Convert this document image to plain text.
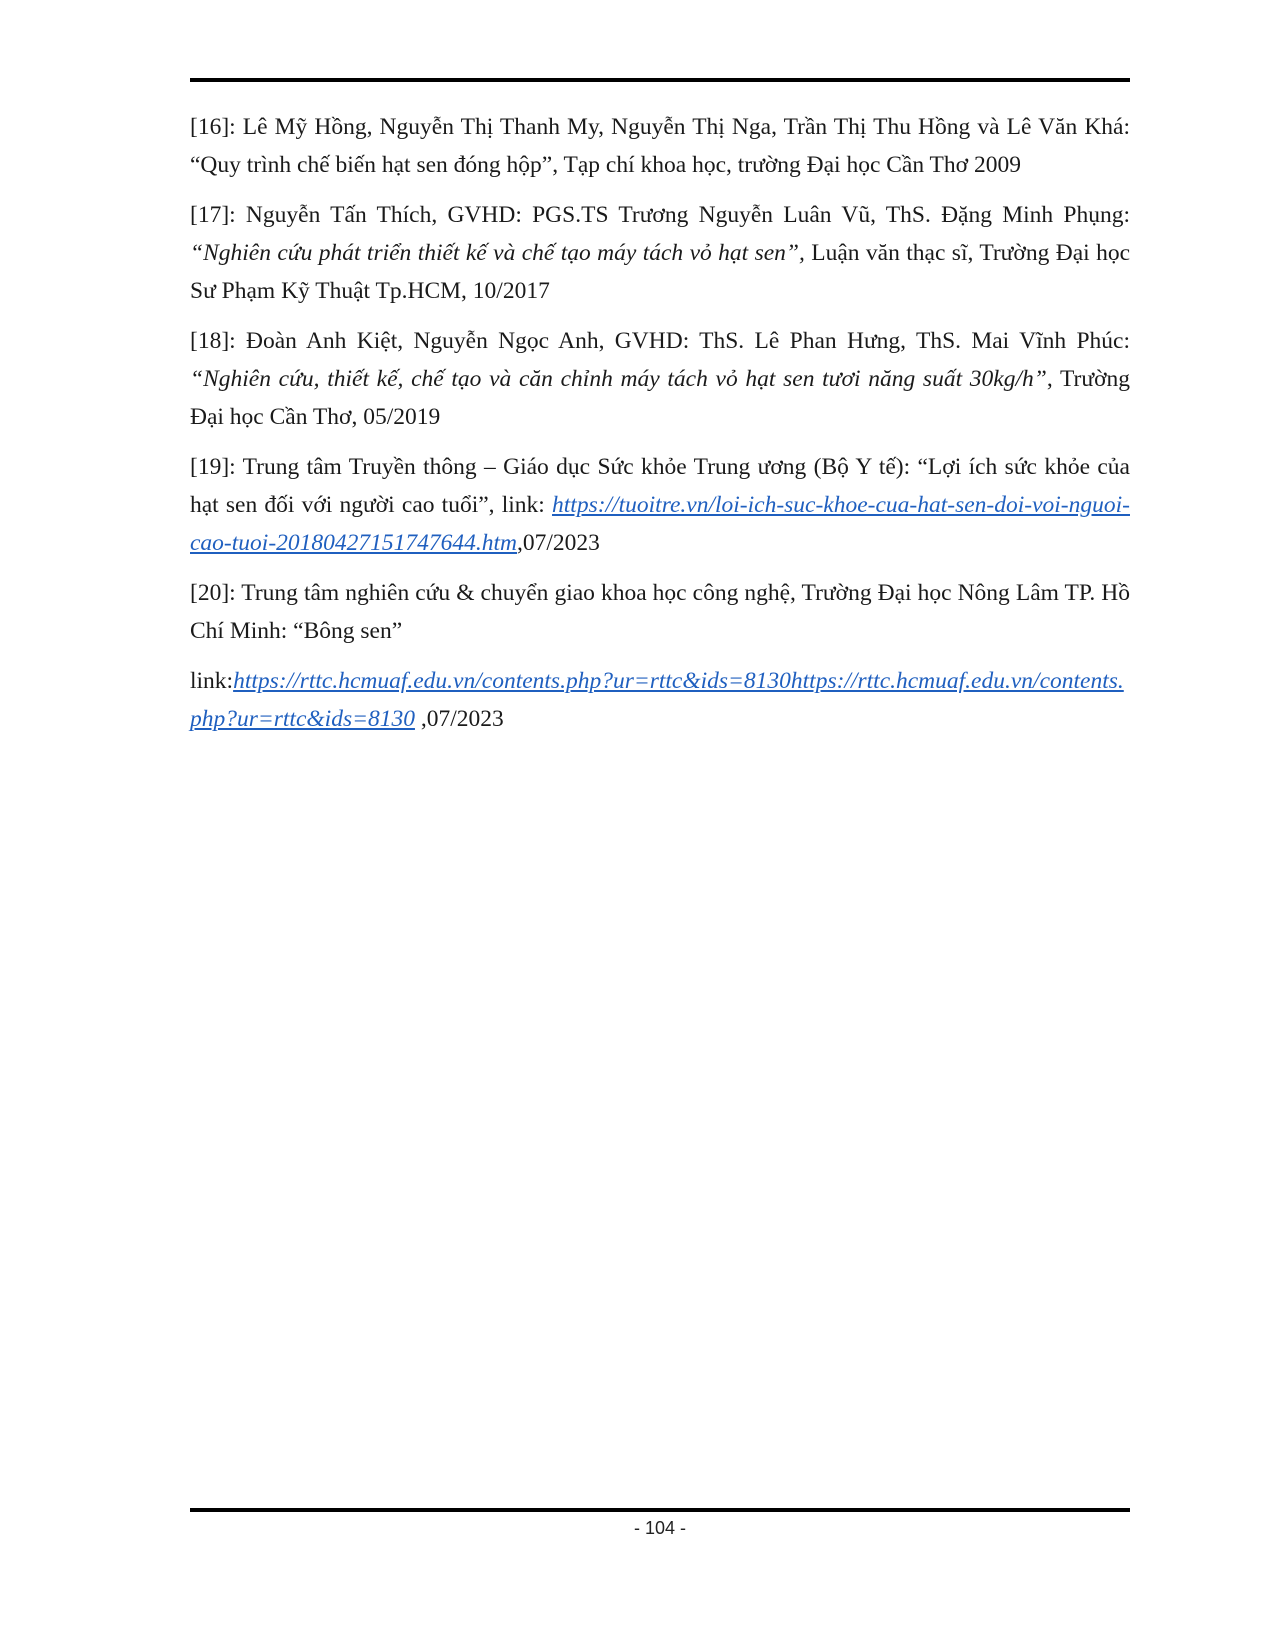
[16]: Lê Mỹ Hồng, Nguyễn Thị Thanh My, Nguyễn Thị Nga, Trần Thị Thu Hồng và Lê Văn Khá: “Quy trình chế biến hạt sen đóng hộp”, Tạp chí khoa học, trường Đại học Cần Thơ 2009

[17]: Nguyễn Tấn Thích, GVHD: PGS.TS Trương Nguyễn Luân Vũ, ThS. Đặng Minh Phụng: “Nghiên cứu phát triển thiết kế và chế tạo máy tách vỏ hạt sen”, Luận văn thạc sĩ, Trường Đại học Sư Phạm Kỹ Thuật Tp.HCM, 10/2017

[18]: Đoàn Anh Kiệt, Nguyễn Ngọc Anh, GVHD: ThS. Lê Phan Hưng, ThS. Mai Vĩnh Phúc: “Nghiên cứu, thiết kế, chế tạo và căn chỉnh máy tách vỏ hạt sen tươi năng suất 30kg/h”, Trường Đại học Cần Thơ, 05/2019

[19]: Trung tâm Truyền thông – Giáo dục Sức khỏe Trung ương (Bộ Y tế): “Lợi ích sức khỏe của hạt sen đối với người cao tuổi”, link: https://tuoitre.vn/loi-ich-suc-khoe-cua-hat-sen-doi-voi-nguoi-cao-tuoi-20180427151747644.htm,07/2023

[20]: Trung tâm nghiên cứu & chuyển giao khoa học công nghệ, Trường Đại học Nông Lâm TP. Hồ Chí Minh: “Bông sen”

link:https://rttc.hcmuaf.edu.vn/contents.php?ur=rttc&ids=8130https://rttc.hcmuaf.edu.vn/contents.php?ur=rttc&ids=8130 ,07/2023

- 104 -
